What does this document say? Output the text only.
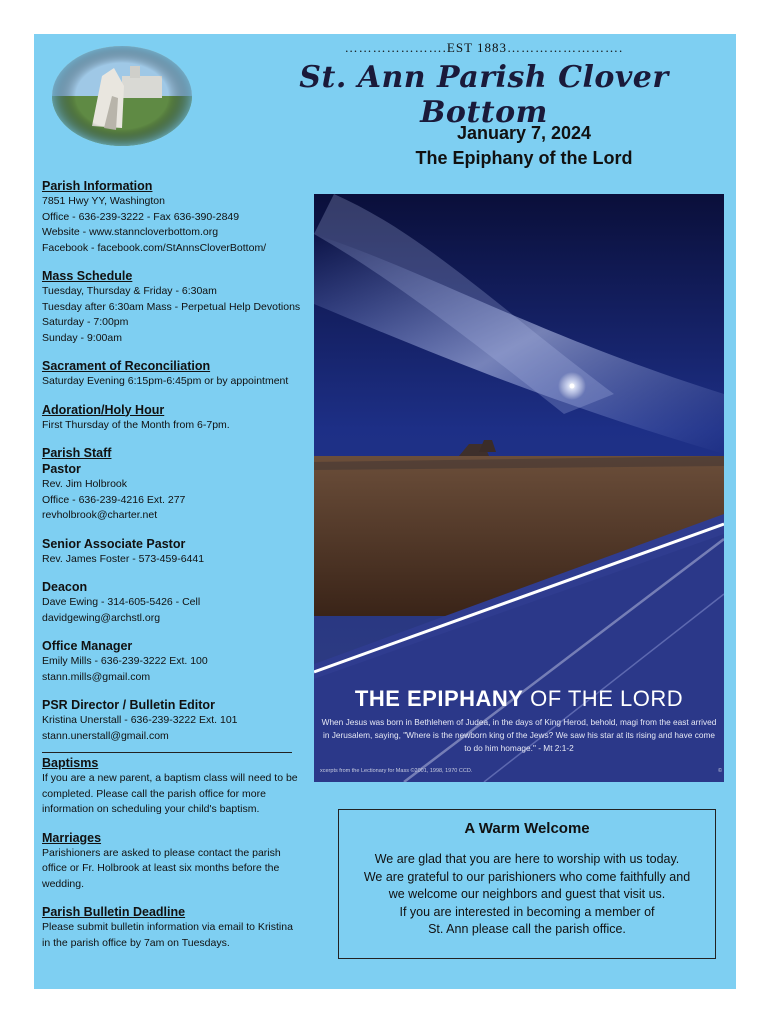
………………….EST 1883…………………….
St. Ann Parish Clover Bottom
January 7, 2024
The Epiphany of the Lord
Parish Information
7851 Hwy YY, Washington
Office - 636-239-3222 - Fax 636-390-2849
Website - www.stanncloverbottom.org
Facebook - facebook.com/StAnnsCloverBottom/
Mass Schedule
Tuesday, Thursday & Friday - 6:30am
Tuesday after 6:30am Mass - Perpetual Help Devotions
Saturday - 7:00pm
Sunday - 9:00am
Sacrament of Reconciliation
Saturday Evening 6:15pm-6:45pm or by appointment
Adoration/Holy Hour
First Thursday of the Month from 6-7pm.
Parish Staff
Pastor
Rev. Jim Holbrook
Office - 636-239-4216 Ext. 277
revholbrook@charter.net
Senior Associate Pastor
Rev. James Foster - 573-459-6441
Deacon
Dave Ewing - 314-605-5426 - Cell
davidgewing@archstl.org
Office Manager
Emily Mills - 636-239-3222 Ext. 100
stann.mills@gmail.com
PSR Director / Bulletin Editor
Kristina Unerstall - 636-239-3222 Ext. 101
stann.unerstall@gmail.com
Baptisms
If you are a new parent, a baptism class will need to be completed. Please call the parish office for more information on scheduling your child's baptism.
Marriages
Parishioners are asked to please contact the parish office or Fr. Holbrook at least six months before the wedding.
Parish Bulletin Deadline
Please submit bulletin information via email to Kristina in the parish office by 7am on Tuesdays.
THE EPIPHANY OF THE LORD
When Jesus was born in Bethlehem of Judea, in the days of King Herod, behold, magi from the east arrived in Jerusalem, saying, "Where is the newborn king of the Jews? We saw his star at its rising and have come to do him homage." - Mt 2:1-2
xcerpts from the Lectionary for Mass ©2001, 1998, 1970 CCD.	©
A Warm Welcome
We are glad that you are here to worship with us today.
We are grateful to our parishioners who come faithfully and
we welcome our neighbors and guest that visit us.
If you are interested in becoming a member of
St. Ann please call the parish office.
